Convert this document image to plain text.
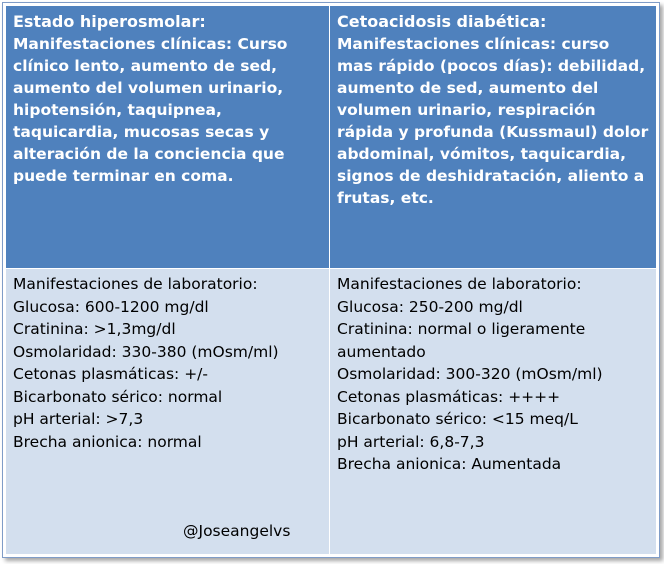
Estado hiperosmolar:
Manifestaciones clínicas: Curso clínico lento, aumento de sed, aumento del volumen urinario, hipotensión, taquipnea, taquicardia, mucosas secas y alteración de la conciencia que puede terminar en coma.
Cetoacidosis diabética:
Manifestaciones clínicas: curso mas rápido (pocos días): debilidad, aumento de sed, aumento del volumen urinario, respiración rápida y profunda (Kussmaul) dolor abdominal, vómitos, taquicardia, signos de deshidratación, aliento a frutas, etc.
Manifestaciones de laboratorio:
Glucosa: 600-1200 mg/dl
Cratinina: >1,3mg/dl
Osmolaridad: 330-380 (mOsm/ml)
Cetonas plasmáticas: +/-
Bicarbonato sérico: normal
pH arterial: >7,3
Brecha anionica: normal
@Joseangelvs
Manifestaciones de laboratorio:
Glucosa: 250-200 mg/dl
Cratinina: normal o ligeramente aumentado
Osmolaridad: 300-320 (mOsm/ml)
Cetonas plasmáticas: ++++
Bicarbonato sérico: <15 meq/L
pH arterial: 6,8-7,3
Brecha anionica: Aumentada
